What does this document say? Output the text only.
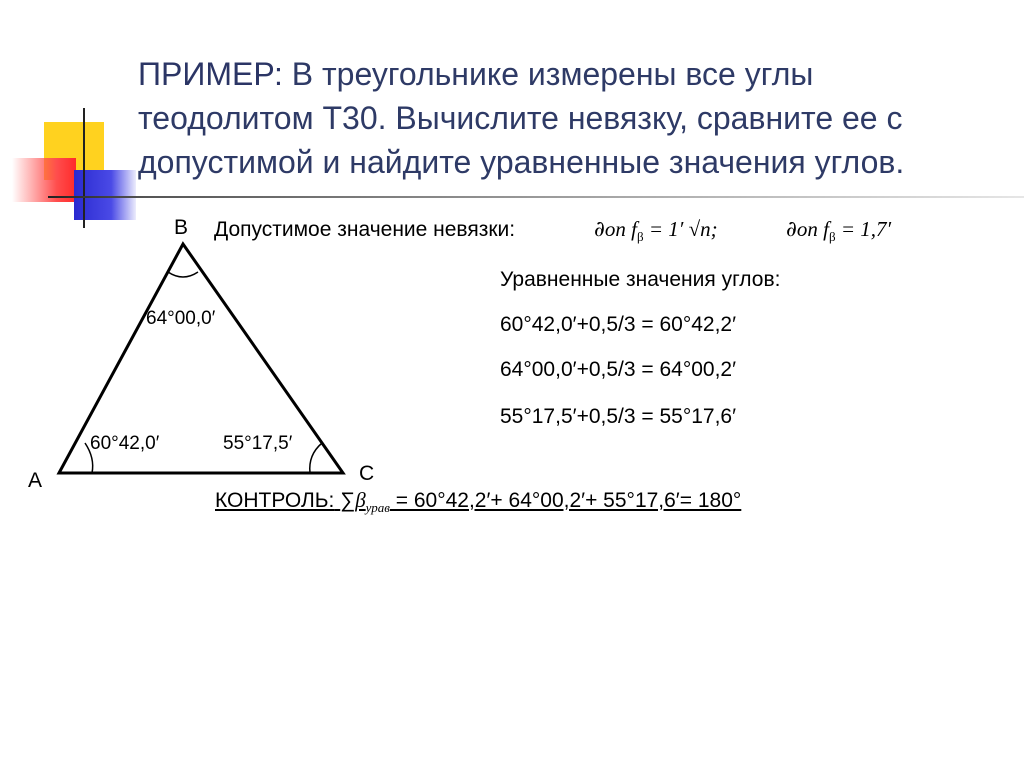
ПРИМЕР: В треугольнике измерены все углы
теодолитом Т30. Вычислите невязку, сравните ее с
допустимой и найдите уравненные значения углов.
B
A	C
64°00,0′
60°42,0′	55°17,5′
Допустимое значение невязки:	𝜕on $f_\beta = 1'$ √n;	𝜕on $f_\beta = 1,7'$
Уравненные значения углов:
60°42,0′+0,5/3 = 60°42,2′
64°00,0′+0,5/3 = 64°00,2′
55°17,5′+0,5/3 = 55°17,6′
КОНТРОЛЬ: $\sum\beta_{урав} = 60^\circ 42,2'+ 64^\circ 00,2'+ 55^\circ 17,6'= 180^\circ$
